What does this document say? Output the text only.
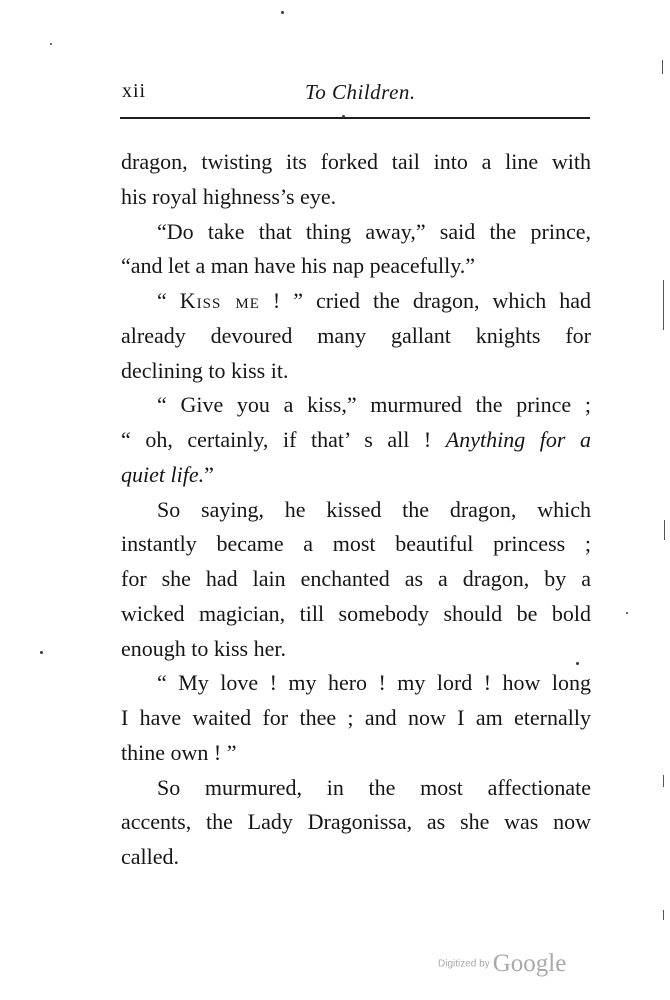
xii	To Children.
dragon, twisting its forked tail into a line with
his royal highness’s eye.
“Do take that thing away,” said the prince,
“and let a man have his nap peacefully.”
“ Kiss me ! ” cried the dragon, which had
already devoured many gallant knights for
declining to kiss it.
“ Give you a kiss,” murmured the prince ;
“ oh, certainly, if that’ s all ! Anything for a
quiet life.”
So saying, he kissed the dragon, which
instantly became a most beautiful princess ;
for she had lain enchanted as a dragon, by a
wicked magician, till somebody should be bold
enough to kiss her.
“ My love ! my hero ! my lord ! how long
I have waited for thee ; and now I am eternally
thine own ! ”
So murmured, in the most affectionate
accents, the Lady Dragonissa, as she was now
called.
Digitized by Google
